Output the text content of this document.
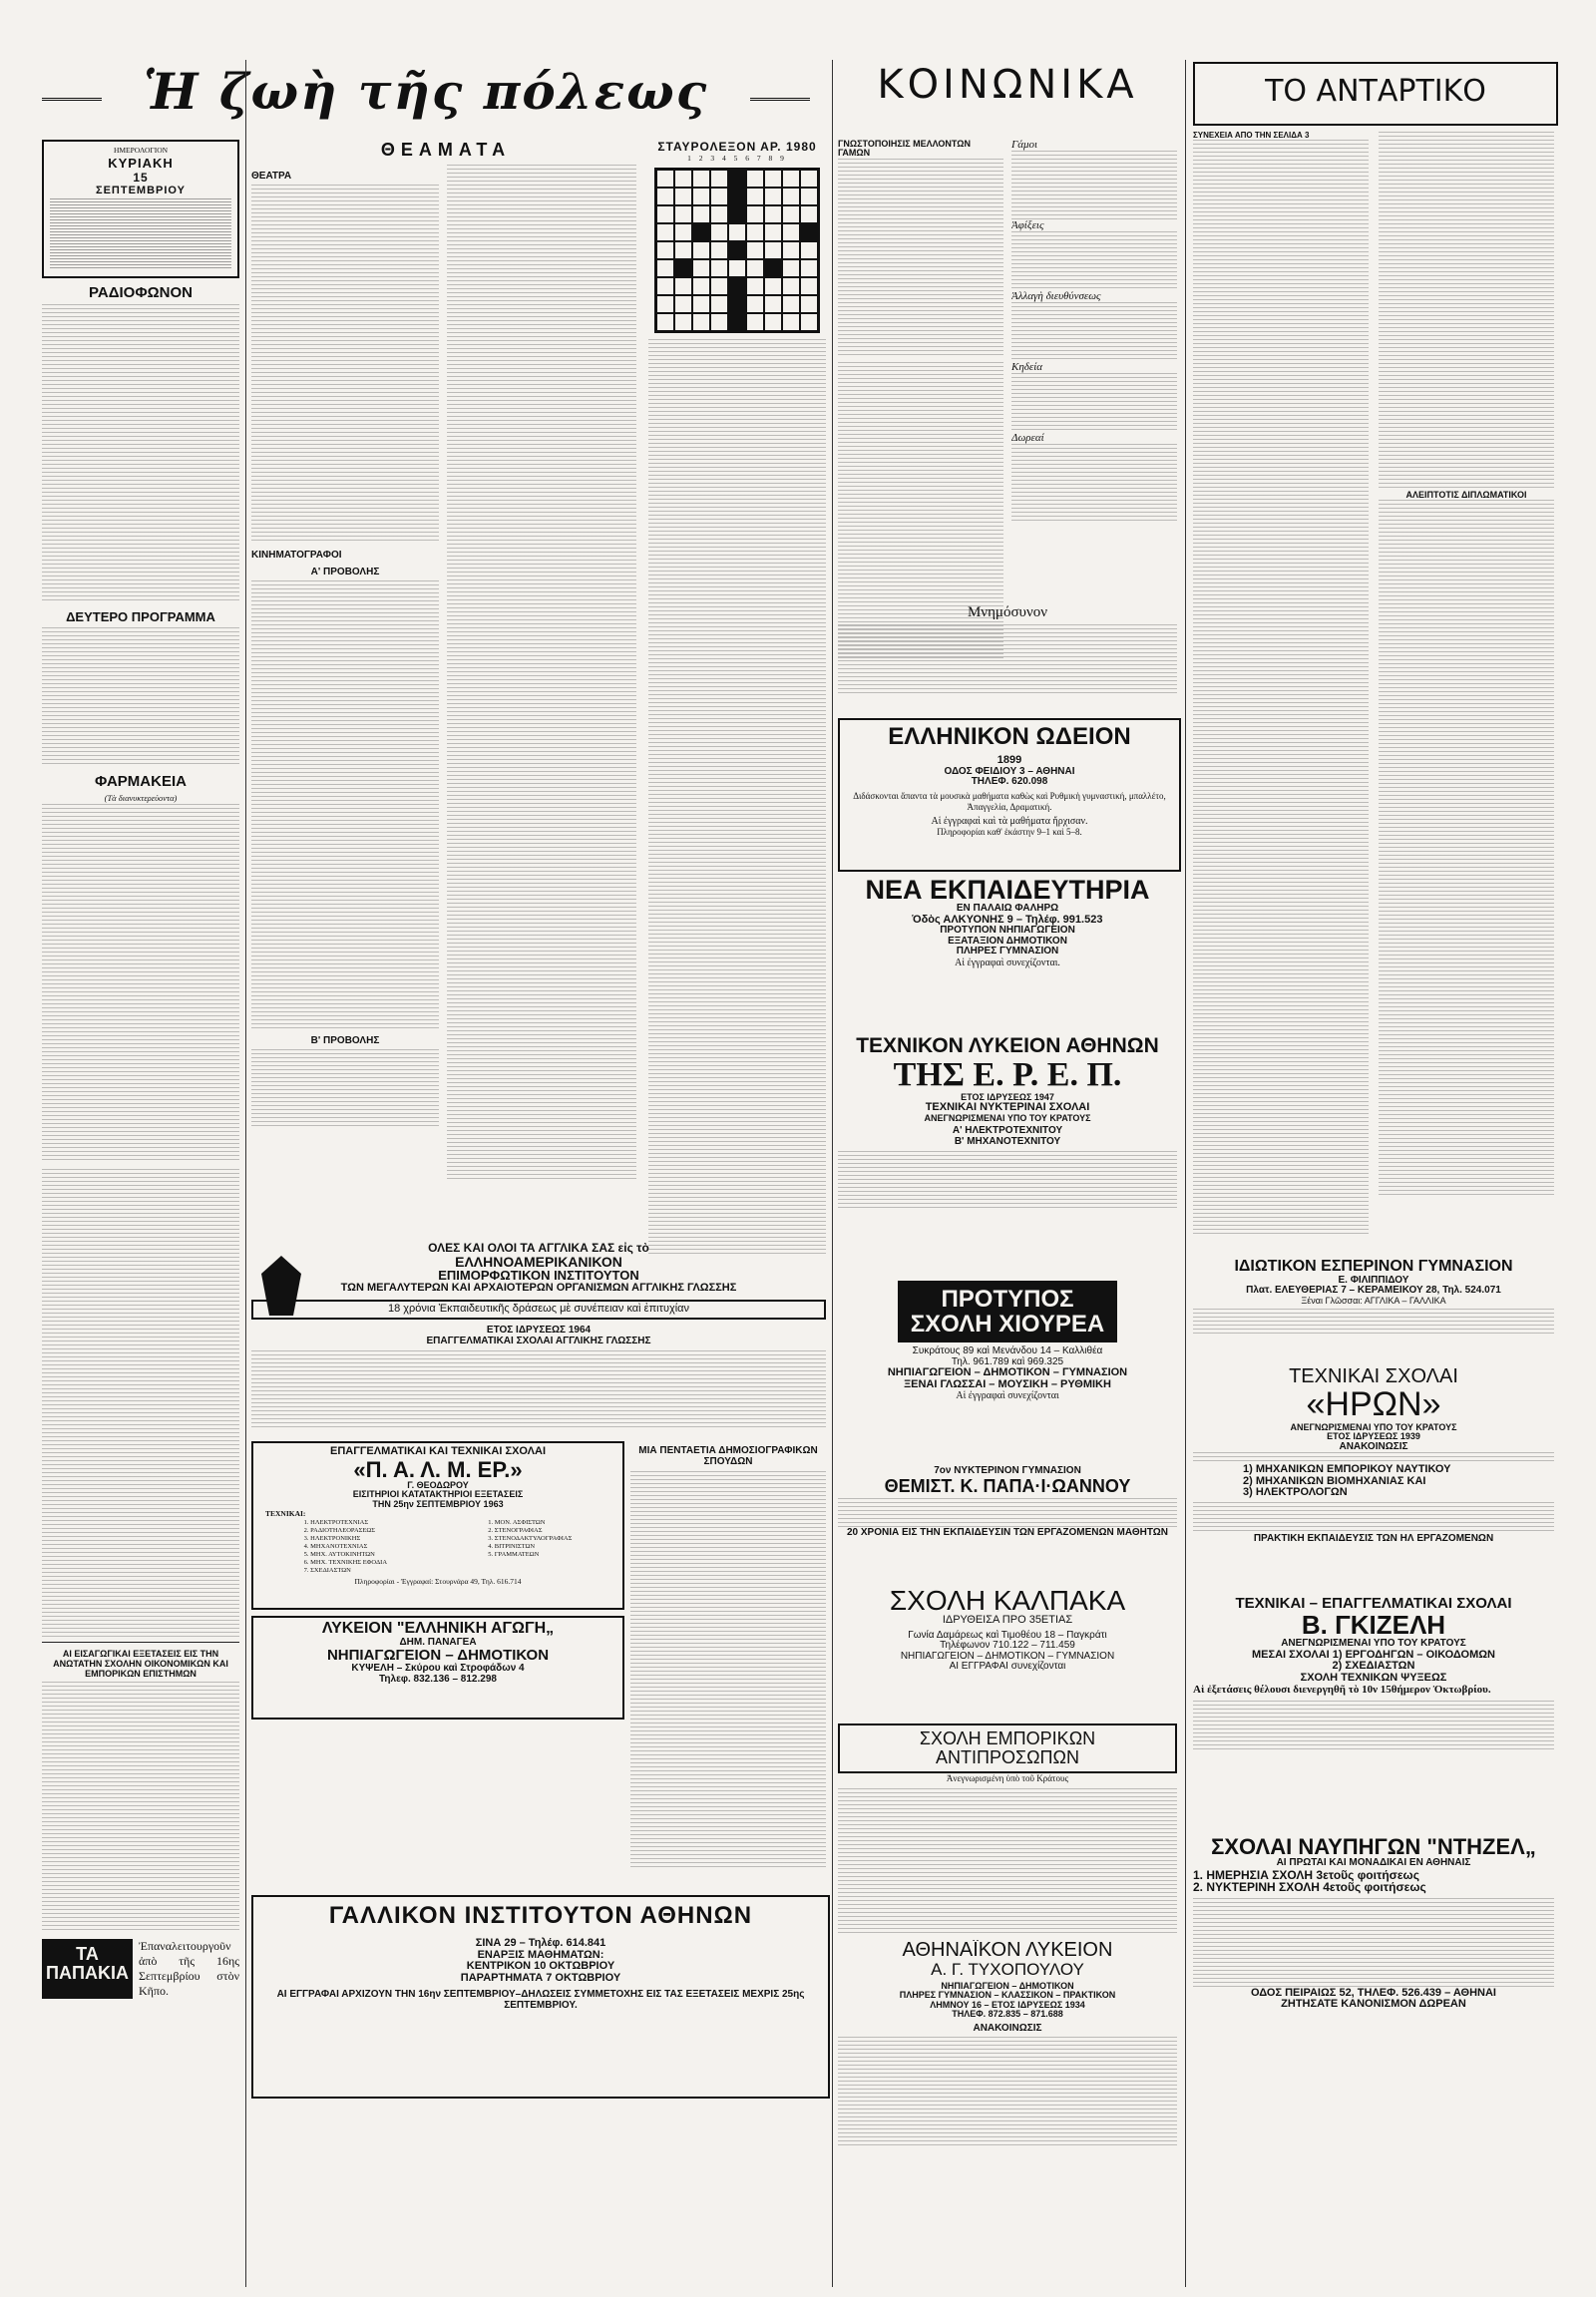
Ἡ ζωὴ τῆς πόλεως
ΗΜΕΡΟΛΟΓΙΟΝ
ΚΥΡΙΑΚΗ
15
ΣΕΠΤΕΜΒΡΙΟΥ
ΡΑΔΙΟΦΩΝΟΝ
ΔΕΥΤΕΡΟ ΠΡΟΓΡΑΜΜΑ
ΦΑΡΜΑΚΕΙΑ
(Τὰ διανυκτερεύοντα)
ΑΙ ΕΙΣΑΓΩΓΙΚΑΙ ΕΞΕΤΑΣΕΙΣ ΕΙΣ ΤΗΝ ΑΝΩΤΑΤΗΝ ΣΧΟΛΗΝ ΟΙΚΟΝΟΜΙΚΩΝ ΚΑΙ ΕΜΠΟΡΙΚΩΝ ΕΠΙΣΤΗΜΩΝ
ΤΑ ΠΑΠΑΚΙΑ
Ἐπαναλειτουργοῦν ἀπὸ τῆς 16ης Σεπτεμβρίου στὸν Κῆπο.
ΘΕΑΜΑΤΑ
ΘΕΑΤΡΑ
ΚΙΝΗΜΑΤΟΓΡΑΦΟΙ
Α' ΠΡΟΒΟΛΗΣ
Β' ΠΡΟΒΟΛΗΣ
ΣΤΑΥΡΟΛΕΞΟΝ ΑΡ. 1980
1 2 3 4 5 6 7 8 9
ΟΛΕΣ ΚΑΙ ΟΛΟΙ ΤΑ ΑΓΓΛΙΚΑ ΣΑΣ εἰς τὸ
ΕΛΛΗΝΟΑΜΕΡΙΚΑΝΙΚΟΝ
ΕΠΙΜΟΡΦΩΤΙΚΟΝ ΙΝΣΤΙΤΟΥΤΟΝ
ΤΩΝ ΜΕΓΑΛΥΤΕΡΩΝ ΚΑΙ ΑΡΧΑΙΟΤΕΡΩΝ ΟΡΓΑΝΙΣΜΩΝ ΑΓΓΛΙΚΗΣ ΓΛΩΣΣΗΣ
18 χρόνια Ἐκπαιδευτικῆς δράσεως μὲ συνέπειαν καὶ ἐπιτυχίαν
ΕΤΟΣ ΙΔΡΥΣΕΩΣ 1964
ΕΠΑΓΓΕΛΜΑΤΙΚΑΙ ΣΧΟΛΑΙ ΑΓΓΛΙΚΗΣ ΓΛΩΣΣΗΣ
ΕΠΑΓΓΕΛΜΑΤΙΚΑΙ ΚΑΙ ΤΕΧΝΙΚΑΙ ΣΧΟΛΑΙ
«Π. Α. Λ. Μ. ΕΡ.»
Γ. ΘΕΟΔΩΡΟΥ
ΕΙΣΙΤΗΡΙΟΙ ΚΑΤΑΤΑΚΤΗΡΙΟΙ ΕΞΕΤΑΣΕΙΣ
ΤΗΝ 25ην ΣΕΠΤΕΜΒΡΙΟΥ 1963
ΤΕΧΝΙΚΑΙ:
1. ΗΛΕΚΤΡΟΤΕΧΝΙΑΣ
2. ΡΑΔΙΟΤΗΛΕΟΡΑΣΕΩΣ
3. ΗΛΕΚΤΡΟΝΙΚΗΣ
4. ΜΗΧΑΝΟΤΕΧΝΙΑΣ
5. ΜΗΧ. ΑΥΤΟΚΙΝΗΤΩΝ
6. ΜΗΧ. ΤΕΧΝΙΚΗΣ ΕΦΟΔΙΑ
7. ΣΧΕΔΙΑΣΤΩΝ
1. ΜΟΝ. ΑΣΦΙΣΤΩΝ
2. ΣΤΕΝΟΓΡΑΦΙΑΣ
3. ΣΤΕΝΟΔΑΚΤΥΛΟΓΡΑΦΙΑΣ
4. ΒΙΤΡΙΝΙΣΤΩΝ
5. ΓΡΑΜΜΑΤΕΩΝ
Πληροφορίαι - Ἐγγραφαί: Στουρνάρα 49, Τηλ. 616.714
ΜΙΑ ΠΕΝΤΑΕΤΙΑ ΔΗΜΟΣΙΟΓΡΑΦΙΚΩΝ ΣΠΟΥΔΩΝ
ΛΥΚΕΙΟΝ "ΕΛΛΗΝΙΚΗ ΑΓΩΓΗ„
ΔΗΜ. ΠΑΝΑΓΕΑ
ΝΗΠΙΑΓΩΓΕΙΟΝ – ΔΗΜΟΤΙΚΟΝ
ΚΥΨΕΛΗ – Σκύρου καὶ Στροφάδων 4
Τηλεφ. 832.136 – 812.298
ΓΑΛΛΙΚΟΝ ΙΝΣΤΙΤΟΥΤΟΝ ΑΘΗΝΩΝ
ΣΙΝΑ 29 – Τηλέφ. 614.841
ΕΝΑΡΞΙΣ ΜΑΘΗΜΑΤΩΝ:
ΚΕΝΤΡΙΚΟΝ 10 ΟΚΤΩΒΡΙΟΥ
ΠΑΡΑΡΤΗΜΑΤΑ 7 ΟΚΤΩΒΡΙΟΥ
ΑΙ ΕΓΓΡΑΦΑΙ ΑΡΧΙΖΟΥΝ ΤΗΝ 16ην ΣΕΠΤΕΜΒΡΙΟΥ–ΔΗΛΩΣΕΙΣ ΣΥΜΜΕΤΟΧΗΣ ΕΙΣ ΤΑΣ ΕΞΕΤΑΣΕΙΣ ΜΕΧΡΙΣ 25ης ΣΕΠΤΕΜΒΡΙΟΥ.
ΚΟΙΝΩΝΙΚΑ
ΓΝΩΣΤΟΠΟΙΗΣΙΣ ΜΕΛΛΟΝΤΩΝ ΓΑΜΩΝ
Γάμοι
Ἀφίξεις
Ἀλλαγὴ διευθύνσεως
Κηδεία
Δωρεαί
Μνημόσυνον
ΕΛΛΗΝΙΚΟΝ ΩΔΕΙΟΝ
1899
ΟΔΟΣ ΦΕΙΔΙΟΥ 3 – ΑΘΗΝΑΙ
ΤΗΛΕΦ. 620.098
Διδάσκονται ἅπαντα τὰ μουσικὰ μαθήματα καθὼς καὶ Ρυθμικὴ γυμναστική, μπαλλέτο, Ἀπαγγελία, Δραματική.
Αἱ ἐγγραφαὶ καὶ τὰ μαθήματα ἤρχισαν.
Πληροφορίαι καθ' ἑκάστην 9–1 καὶ 5–8.
ΝΕΑ ΕΚΠΑΙΔΕΥΤΗΡΙΑ
ΕΝ ΠΑΛΑΙΩ ΦΑΛΗΡΩ
Ὁδὸς ΑΛΚΥΟΝΗΣ 9 – Τηλέφ. 991.523
ΠΡΟΤΥΠΟΝ ΝΗΠΙΑΓΩΓΕΙΟΝ
ΕΞΑΤΑΞΙΟΝ ΔΗΜΟΤΙΚΟΝ
ΠΛΗΡΕΣ ΓΥΜΝΑΣΙΟΝ
Αἱ ἐγγραφαὶ συνεχίζονται.
ΤΕΧΝΙΚΟΝ ΛΥΚΕΙΟΝ ΑΘΗΝΩΝ
ΤΗΣ Ε. Ρ. Ε. Π.
ΕΤΟΣ ΙΔΡΥΣΕΩΣ 1947
ΤΕΧΝΙΚΑΙ ΝΥΚΤΕΡΙΝΑΙ ΣΧΟΛΑΙ
ΑΝΕΓΝΩΡΙΣΜΕΝΑΙ ΥΠΟ ΤΟΥ ΚΡΑΤΟΥΣ
Α' ΗΛΕΚΤΡΟΤΕΧΝΙΤΟΥ
Β' ΜΗΧΑΝΟΤΕΧΝΙΤΟΥ
ΠΡΟΤΥΠΟΣ ΣΧΟΛΗ ΧΙΟΥΡΕΑ
Συκράτους 89 καὶ Μενάνδου 14 – Καλλιθέα
Τηλ. 961.789 καὶ 969.325
ΝΗΠΙΑΓΩΓΕΙΟΝ – ΔΗΜΟΤΙΚΟΝ – ΓΥΜΝΑΣΙΟΝ
ΞΕΝΑΙ ΓΛΩΣΣΑΙ – ΜΟΥΣΙΚΗ – ΡΥΘΜΙΚΗ
Αἱ ἐγγραφαὶ συνεχίζονται
7ον ΝΥΚΤΕΡΙΝΟΝ ΓΥΜΝΑΣΙΟΝ
ΘΕΜΙΣΤ. Κ. ΠΑΠΑ·Ι·ΩΑΝΝΟΥ
20 ΧΡΟΝΙΑ ΕΙΣ ΤΗΝ ΕΚΠΑΙΔΕΥΣΙΝ ΤΩΝ ΕΡΓΑΖΟΜΕΝΩΝ ΜΑΘΗΤΩΝ
ΣΧΟΛΗ ΚΑΛΠΑΚΑ
ΙΔΡΥΘΕΙΣΑ ΠΡΟ 35ΕΤΙΑΣ
Γωνία Δαμάρεως καὶ Τιμοθέου 18 – Παγκράτι
Τηλέφωνον 710.122 – 711.459
ΝΗΠΙΑΓΩΓΕΙΟΝ – ΔΗΜΟΤΙΚΟΝ – ΓΥΜΝΑΣΙΟΝ
ΑΙ ΕΓΓΡΑΦΑΙ συνεχίζονται
ΣΧΟΛΗ ΕΜΠΟΡΙΚΩΝ ΑΝΤΙΠΡΟΣΩΠΩΝ
Ἀνεγνωρισμένη ὑπὸ τοῦ Κράτους
ΑΘΗΝΑΪΚΟΝ ΛΥΚΕΙΟΝ
Α. Γ. ΤΥΧΟΠΟΥΛΟΥ
ΝΗΠΙΑΓΩΓΕΙΟΝ – ΔΗΜΟΤΙΚΟΝ
ΠΛΗΡΕΣ ΓΥΜΝΑΣΙΟΝ – ΚΛΑΣΣΙΚΟΝ – ΠΡΑΚΤΙΚΟΝ
ΛΗΜΝΟΥ 16 – ΕΤΟΣ ΙΔΡΥΣΕΩΣ 1934
ΤΗΛΕΦ. 872.835 – 871.688
ΑΝΑΚΟΙΝΩΣΙΣ
ΤΟ ΑΝΤΑΡΤΙΚΟ
ΣΥΝΕΧΕΙΑ ΑΠΟ ΤΗΝ ΣΕΛΙΔΑ 3
ΑΛΕΙΠΤΟΤΙΣ ΔΙΠΛΩΜΑΤΙΚΟΙ
ΙΔΙΩΤΙΚΟΝ ΕΣΠΕΡΙΝΟΝ ΓΥΜΝΑΣΙΟΝ
Ε. ΦΙΛΙΠΠΙΔΟΥ
Πλατ. ΕΛΕΥΘΕΡΙΑΣ 7 – ΚΕΡΑΜΕΙΚΟΥ 28, Τηλ. 524.071
Ξέναι Γλῶσσαι: ΑΓΓΛΙΚΑ – ΓΑΛΛΙΚΑ
ΤΕΧΝΙΚΑΙ ΣΧΟΛΑΙ
«ΗΡΩΝ»
ΑΝΕΓΝΩΡΙΣΜΕΝΑΙ ΥΠΟ ΤΟΥ ΚΡΑΤΟΥΣ
ΕΤΟΣ ΙΔΡΥΣΕΩΣ 1939
ΑΝΑΚΟΙΝΩΣΙΣ
1) ΜΗΧΑΝΙΚΩΝ ΕΜΠΟΡΙΚΟΥ ΝΑΥΤΙΚΟΥ
2) ΜΗΧΑΝΙΚΩΝ ΒΙΟΜΗΧΑΝΙΑΣ ΚΑΙ
3) ΗΛΕΚΤΡΟΛΟΓΩΝ
ΠΡΑΚΤΙΚΗ ΕΚΠΑΙΔΕΥΣΙΣ ΤΩΝ ΗΛ ΕΡΓΑΖΟΜΕΝΩΝ
ΤΕΧΝΙΚΑΙ – ΕΠΑΓΓΕΛΜΑΤΙΚΑΙ ΣΧΟΛΑΙ
Β. ΓΚΙΖΕΛΗ
ΑΝΕΓΝΩΡΙΣΜΕΝΑΙ ΥΠΟ ΤΟΥ ΚΡΑΤΟΥΣ
ΜΕΣΑΙ ΣΧΟΛΑΙ 1) ΕΡΓΟΔΗΓΩΝ – ΟΙΚΟΔΟΜΩΝ
2) ΣΧΕΔΙΑΣΤΩΝ
ΣΧΟΛΗ ΤΕΧΝΙΚΩΝ ΨΥΞΕΩΣ
Αἱ ἐξετάσεις θέλουσι διενεργηθῆ τὸ 10ν 15θήμερον Ὀκτωβρίου.
ΣΧΟΛΑΙ ΝΑΥΠΗΓΩΝ "ΝΤΗΖΕΛ„
ΑΙ ΠΡΩΤΑΙ ΚΑΙ ΜΟΝΑΔΙΚΑΙ ΕΝ ΑΘΗΝΑΙΣ
1. ΗΜΕΡΗΣΙΑ ΣΧΟΛΗ 3ετοῦς φοιτήσεως
2. ΝΥΚΤΕΡΙΝΗ ΣΧΟΛΗ 4ετοῦς φοιτήσεως
ΟΔΟΣ ΠΕΙΡΑΙΩΣ 52, ΤΗΛΕΦ. 526.439 – ΑΘΗΝΑΙ
ΖΗΤΗΣΑΤΕ ΚΑΝΟΝΙΣΜΟΝ ΔΩΡΕΑΝ
